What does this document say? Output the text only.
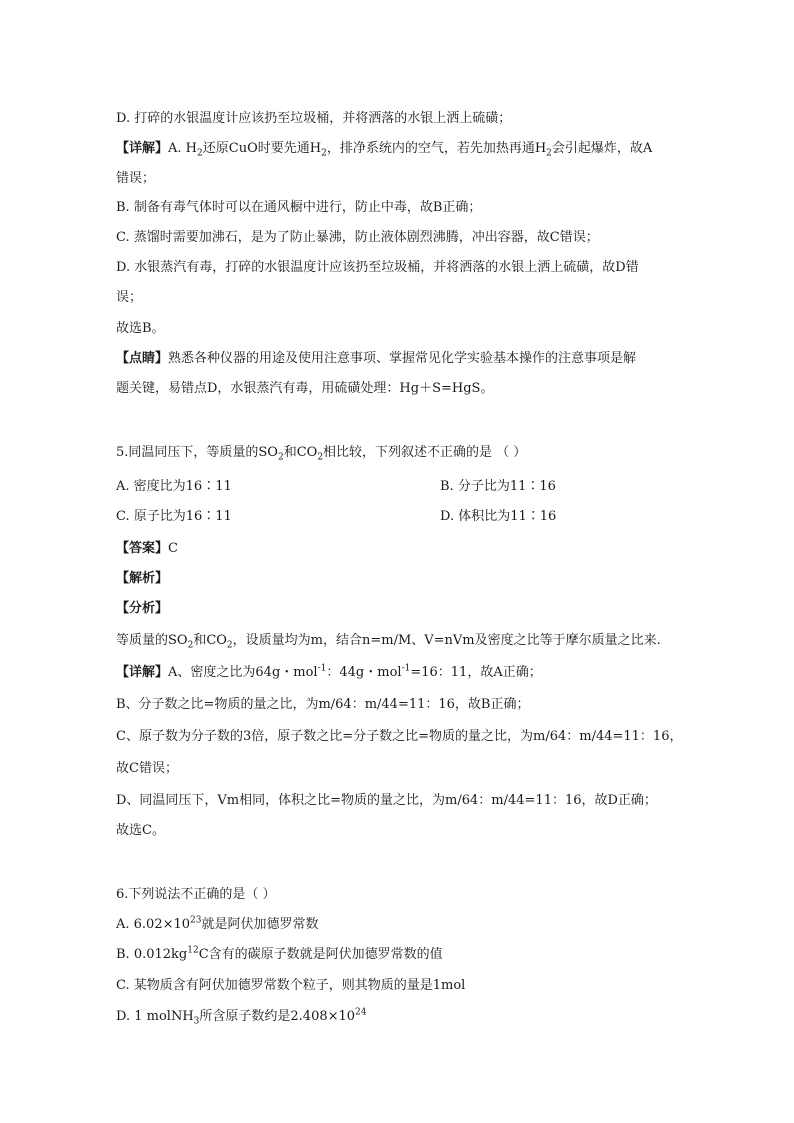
D. 打碎的水银温度计应该扔至垃圾桶，并将洒落的水银上洒上硫磺；
【详解】A. $H_2$还原CuO时要先通$H_2$，排净系统内的空气，若先加热再通$H_2$会引起爆炸，故A
错误；
B. 制备有毒气体时可以在通风橱中进行，防止中毒，故B正确；
C. 蒸馏时需要加沸石，是为了防止暴沸，防止液体剧烈沸腾，冲出容器，故C错误；
D. 水银蒸汽有毒，打碎的水银温度计应该扔至垃圾桶，并将洒落的水银上洒上硫磺，故D错
误；
故选B。
【点睛】熟悉各种仪器的用途及使用注意事项、掌握常见化学实验基本操作的注意事项是解
题关键，易错点D，水银蒸汽有毒，用硫磺处理：Hg＋S=HgS。
5.同温同压下，等质量的$SO_2$和$CO_2$相比较，下列叙述不正确的是 （ ）
A. 密度比为16∶11	B. 分子比为11∶16
C. 原子比为16∶11	D. 体积比为11∶16
【答案】C
【解析】
【分析】
等质量的$SO_2$和$CO_2$，设质量均为m，结合n=m/M、V=nVm及密度之比等于摩尔质量之比来.
【详解】A、密度之比为64g・mol$^{-1}$：44g・mol$^{-1}$=16：11，故A正确；
B、分子数之比=物质的量之比，为m/64：m/44=11：16，故B正确；
C、原子数为分子数的3倍，原子数之比=分子数之比=物质的量之比，为m/64：m/44=11：16，
故C错误；
D、同温同压下，Vm相同，体积之比=物质的量之比，为m/64：m/44=11：16，故D正确；
故选C。
6.下列说法不正确的是（ ）
A. $6.02\times 10^{23}$就是阿伏加德罗常数
B. $0.012kg^{12}C$含有的碳原子数就是阿伏加德罗常数的值
C. 某物质含有阿伏加德罗常数个粒子，则其物质的量是1mol
D. 1 molNH$_3$所含原子数约是$2.408\times 10^{24}$
